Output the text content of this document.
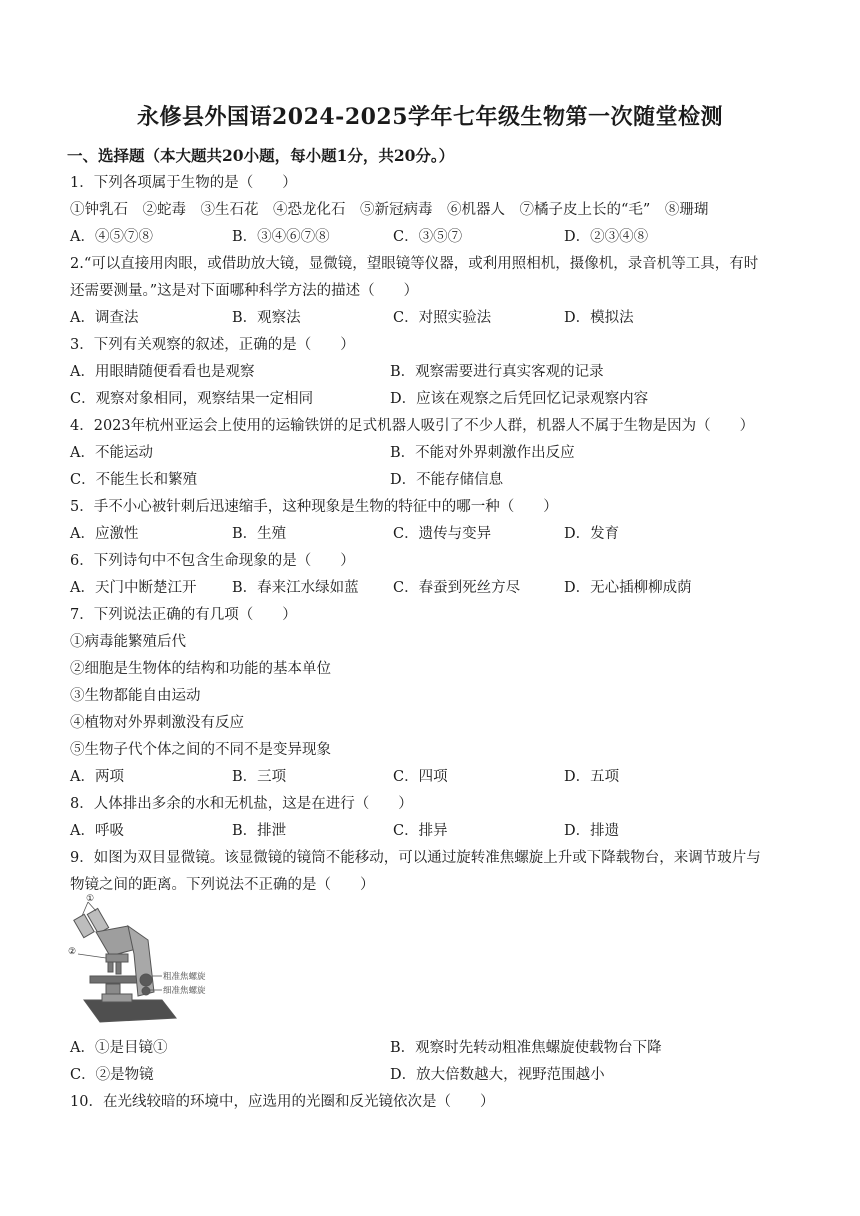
永修县外国语2024-2025学年七年级生物第一次随堂检测
一、选择题（本大题共20小题，每小题1分，共20分。）
1．下列各项属于生物的是（　　）
①钟乳石　②蛇毒　③生石花　④恐龙化石　⑤新冠病毒　⑥机器人　⑦橘子皮上长的“毛”　⑧珊瑚
A．④⑤⑦⑧	B．③④⑥⑦⑧	C．③⑤⑦	D．②③④⑧
2.“可以直接用肉眼，或借助放大镜，显微镜，望眼镜等仪器，或利用照相机，摄像机，录音机等工具，有时
还需要测量。”这是对下面哪种科学方法的描述（　　）
A．调查法	B．观察法	C．对照实验法	D．模拟法
3．下列有关观察的叙述，正确的是（　　）
A．用眼睛随便看看也是观察	B．观察需要进行真实客观的记录
C．观察对象相同，观察结果一定相同	D．应该在观察之后凭回忆记录观察内容
4．2023年杭州亚运会上使用的运输铁饼的足式机器人吸引了不少人群，机器人不属于生物是因为（　　）
A．不能运动	B．不能对外界刺激作出反应
C．不能生长和繁殖	D．不能存储信息
5．手不小心被针刺后迅速缩手，这种现象是生物的特征中的哪一种（　　）
A．应激性	B．生殖	C．遗传与变异	D．发育
6．下列诗句中不包含生命现象的是（　　）
A．天门中断楚江开 B．春来江水绿如蓝 C．春蚕到死丝方尽	D．无心插柳柳成荫
7．下列说法正确的有几项（　　）
①病毒能繁殖后代
②细胞是生物体的结构和功能的基本单位
③生物都能自由运动
④植物对外界刺激没有反应
⑤生物子代个体之间的不同不是变异现象
A．两项	B．三项	C．四项	D．五项
8．人体排出多余的水和无机盐，这是在进行（　　）
A．呼吸	B．排泄	C．排异	D．排遗
9．如图为双目显微镜。该显微镜的镜筒不能移动，可以通过旋转准焦螺旋上升或下降载物台，来调节玻片与
物镜之间的距离。下列说法不正确的是（　　）
①
②
粗准焦螺旋
细准焦螺旋
A．①是目镜①	B．观察时先转动粗准焦螺旋使载物台下降
C．②是物镜	D．放大倍数越大，视野范围越小
10．在光线较暗的环境中，应选用的光圈和反光镜依次是（　　）
